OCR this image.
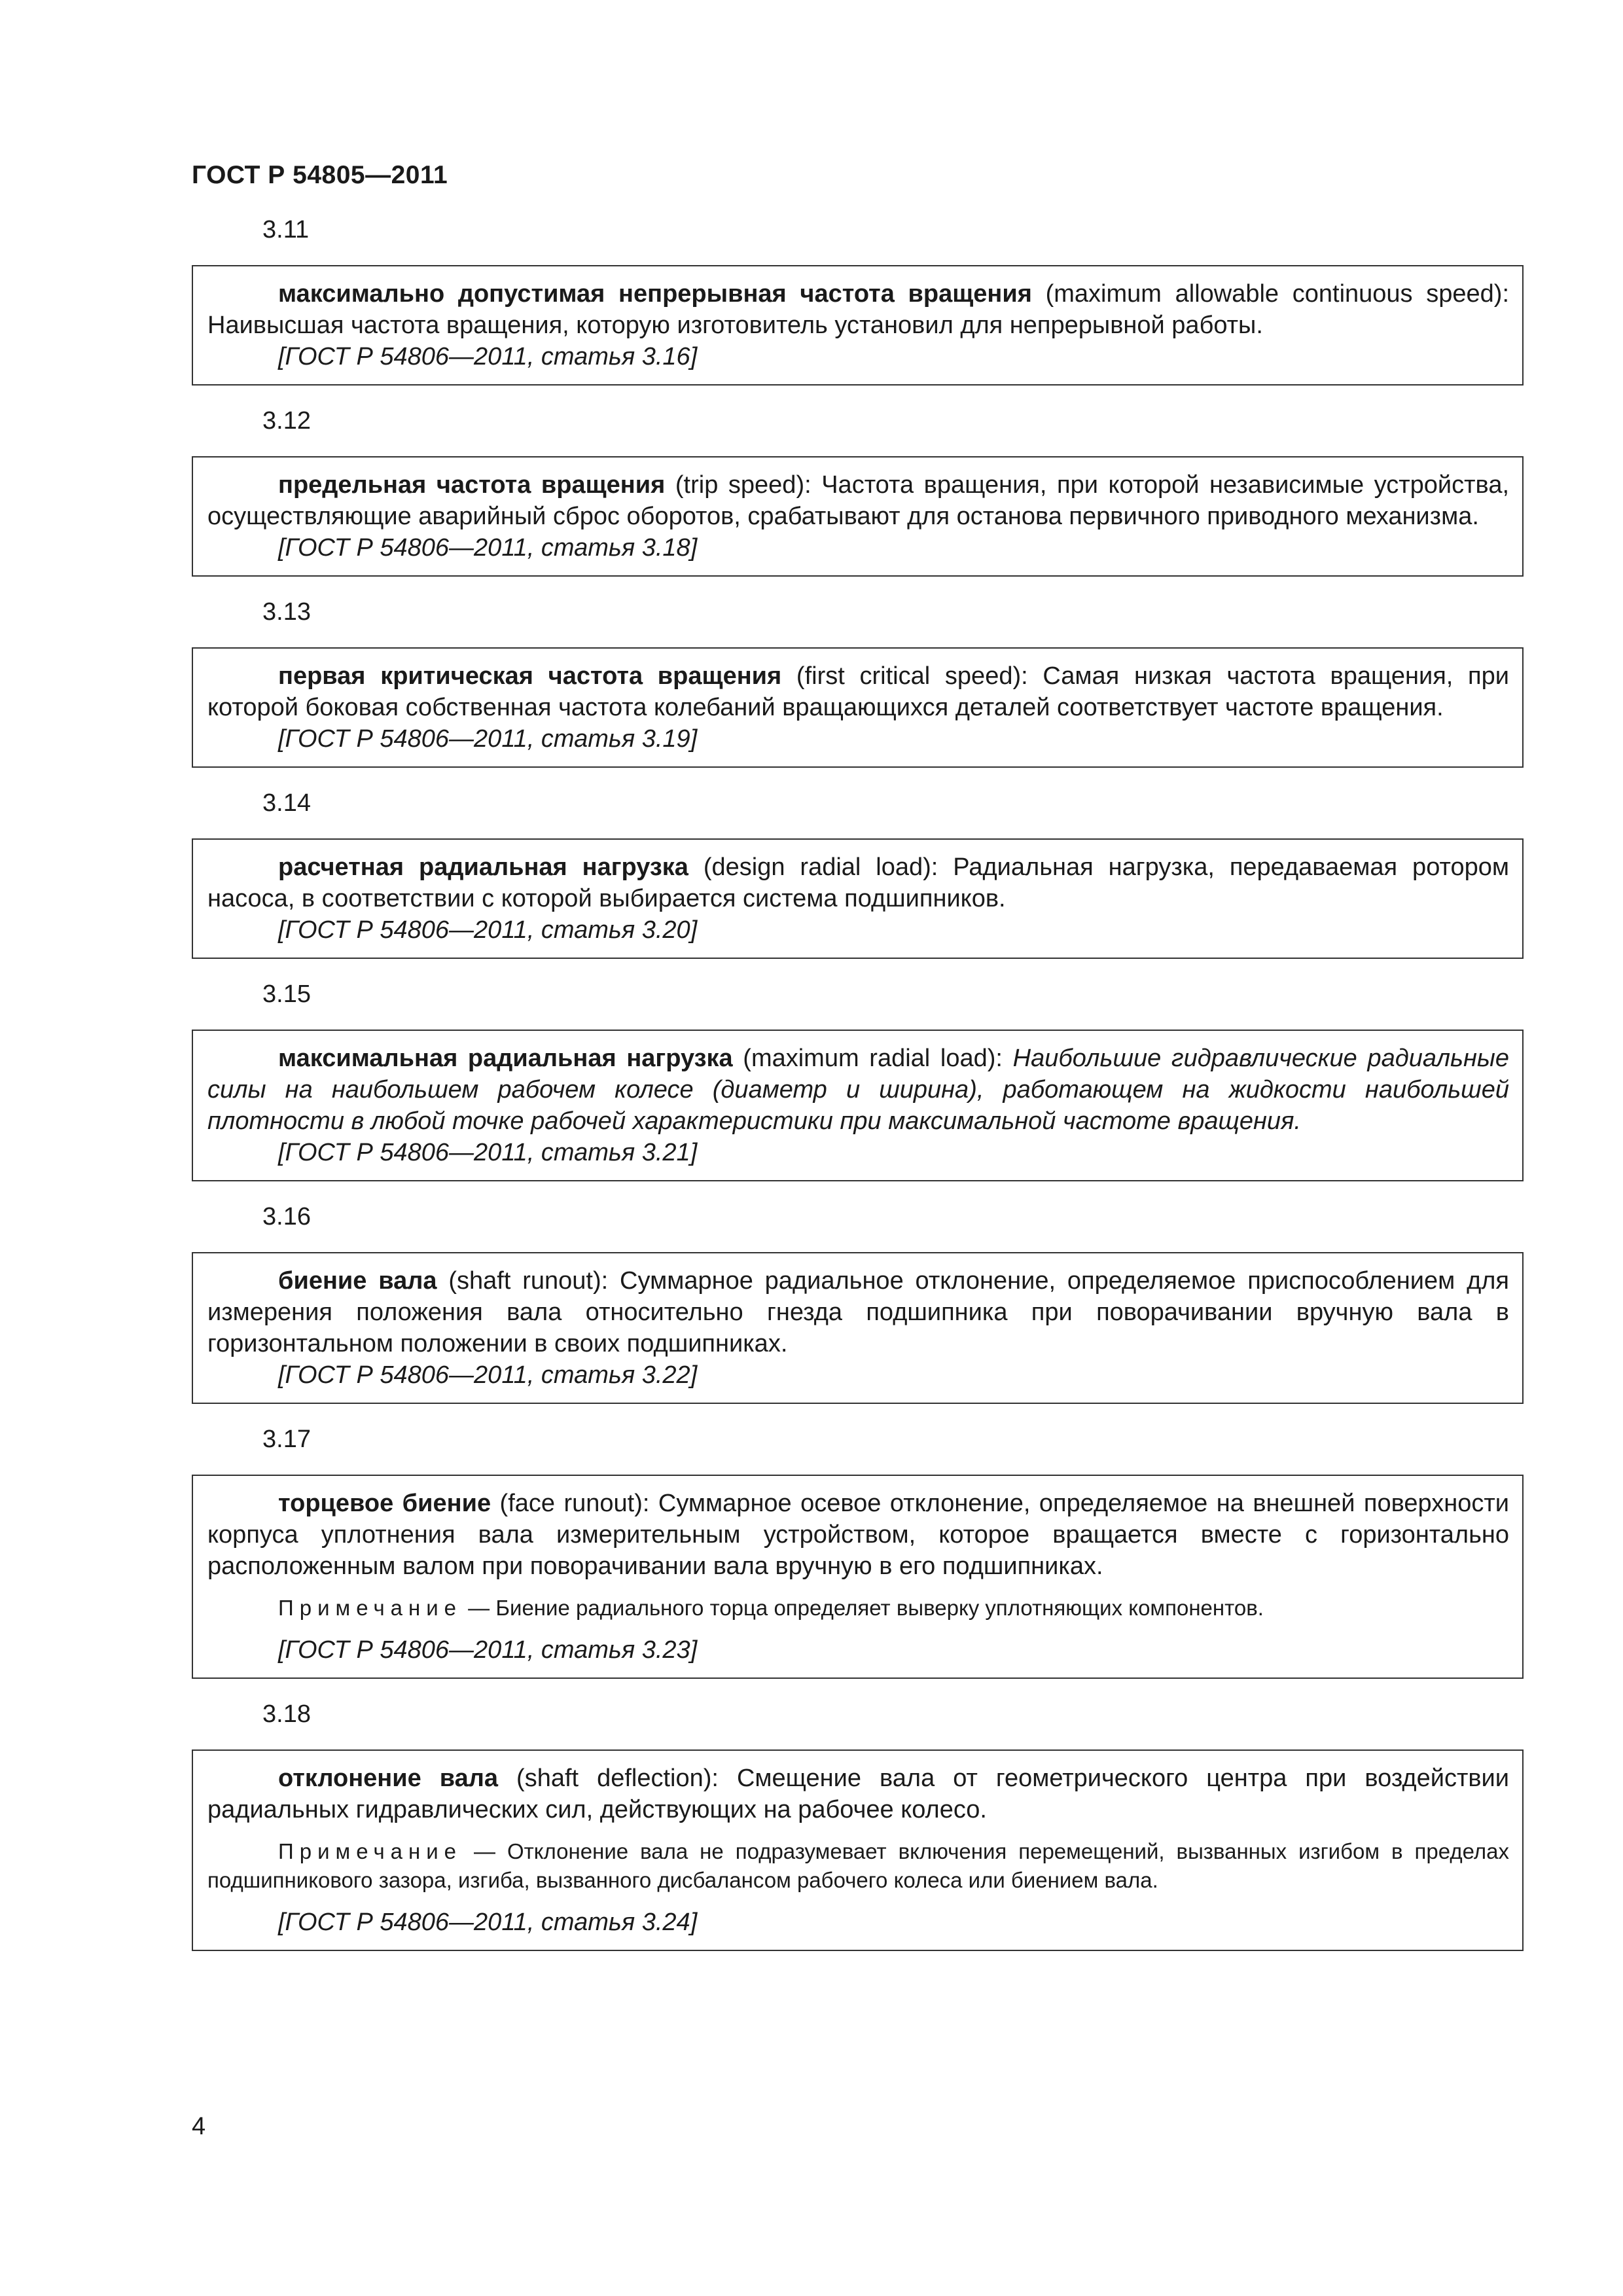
ГОСТ Р 54805—2011
3.11

максимально допустимая непрерывная частота вращения (maximum allowable continuous speed): Наивысшая частота вращения, которую изготовитель установил для непрерывной работы.

[ГОСТ Р 54806—2011, статья 3.16]

3.12

предельная частота вращения (trip speed): Частота вращения, при которой независимые устройства, осуществляющие аварийный сброс оборотов, срабатывают для останова первичного приводного механизма.

[ГОСТ Р 54806—2011, статья 3.18]

3.13

первая критическая частота вращения (first critical speed): Самая низкая частота вращения, при которой боковая собственная частота колебаний вращающихся деталей соответствует частоте вращения.

[ГОСТ Р 54806—2011, статья 3.19]

3.14

расчетная радиальная нагрузка (design radial load): Радиальная нагрузка, передаваемая ротором насоса, в соответствии с которой выбирается система подшипников.

[ГОСТ Р 54806—2011, статья 3.20]

3.15

максимальная радиальная нагрузка (maximum radial load): Наибольшие гидравлические радиальные силы на наибольшем рабочем колесе (диаметр и ширина), работающем на жидкости наибольшей плотности в любой точке рабочей характеристики при максимальной частоте вращения.

[ГОСТ Р 54806—2011, статья 3.21]

3.16

биение вала (shaft runout): Суммарное радиальное отклонение, определяемое приспособлением для измерения положения вала относительно гнезда подшипника при поворачивании вручную вала в горизонтальном положении в своих подшипниках.

[ГОСТ Р 54806—2011, статья 3.22]

3.17

торцевое биение (face runout): Суммарное осевое отклонение, определяемое на внешней поверхности корпуса уплотнения вала измерительным устройством, которое вращается вместе с горизонтально расположенным валом при поворачивании вала вручную в его подшипниках.

Примечание — Биение радиального торца определяет выверку уплотняющих компонентов.

[ГОСТ Р 54806—2011, статья 3.23]

3.18

отклонение вала (shaft deflection): Смещение вала от геометрического центра при воздействии радиальных гидравлических сил, действующих на рабочее колесо.

Примечание — Отклонение вала не подразумевает включения перемещений, вызванных изгибом в пределах подшипникового зазора, изгиба, вызванного дисбалансом рабочего колеса или биением вала.

[ГОСТ Р 54806—2011, статья 3.24]

4
